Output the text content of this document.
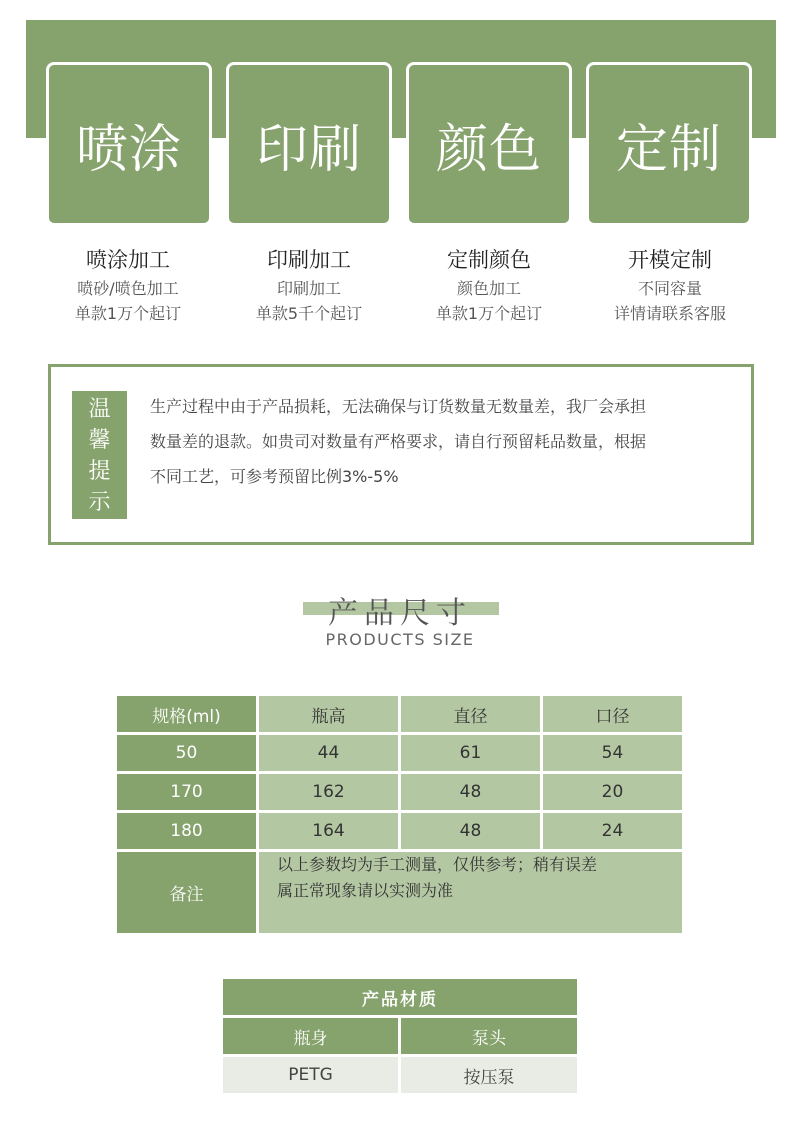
喷涂 印刷 颜色 定制
喷涂加工
喷砂/喷色加工
单款1万个起订
印刷加工
印刷加工
单款5千个起订
定制颜色
颜色加工
单款1万个起订
开模定制
不同容量
详情请联系客服
温
馨
提
示
生产过程中由于产品损耗，无法确保与订货数量无数量差，我厂会承担
数量差的退款。如贵司对数量有严格要求，请自行预留耗品数量，根据
不同工艺，可参考预留比例3%-5%
产品尺寸
PRODUCTS SIZE
规格(ml)	瓶高	直径	口径
50	44	61	54
170	162	48	20
180	164	48	24
备注
以上参数均为手工测量，仅供参考；稍有误差
属正常现象请以实测为准
产品材质
瓶身	泵头
PETG	按压泵
